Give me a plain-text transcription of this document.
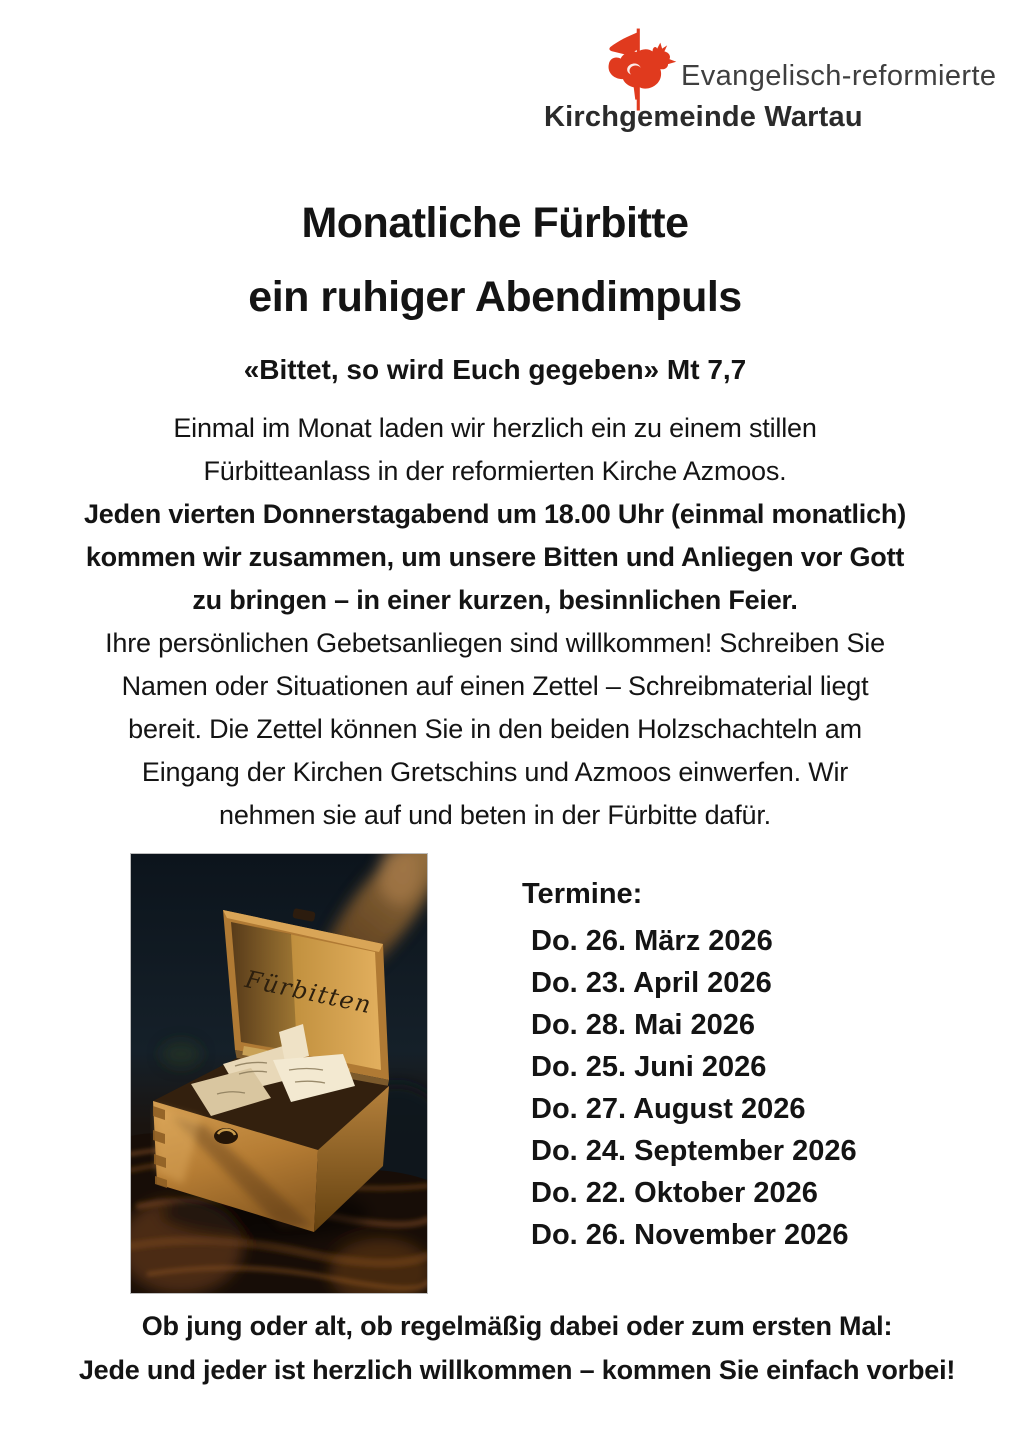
Evangelisch-reformierte
Kirchgemeinde Wartau
Monatliche Fürbitte
ein ruhiger Abendimpuls
«Bittet, so wird Euch gegeben» Mt 7,7

Einmal im Monat laden wir herzlich ein zu einem stillen
Fürbitteanlass in der reformierten Kirche Azmoos.

Jeden vierten Donnerstagabend um 18.00 Uhr (einmal monatlich)
kommen wir zusammen, um unsere Bitten und Anliegen vor Gott
zu bringen – in einer kurzen, besinnlichen Feier.

Ihre persönlichen Gebetsanliegen sind willkommen! Schreiben Sie
Namen oder Situationen auf einen Zettel – Schreibmaterial liegt
bereit. Die Zettel können Sie in den beiden Holzschachteln am
Eingang der Kirchen Gretschins und Azmoos einwerfen. Wir
nehmen sie auf und beten in der Fürbitte dafür.

Fürbitten
Termine:
Do. 26. März 2026
Do. 23. April 2026
Do. 28. Mai 2026
Do. 25. Juni 2026
Do. 27. August 2026
Do. 24. September 2026
Do. 22. Oktober 2026
Do. 26. November 2026
Ob jung oder alt, ob regelmäßig dabei oder zum ersten Mal:
Jede und jeder ist herzlich willkommen – kommen Sie einfach vorbei!
